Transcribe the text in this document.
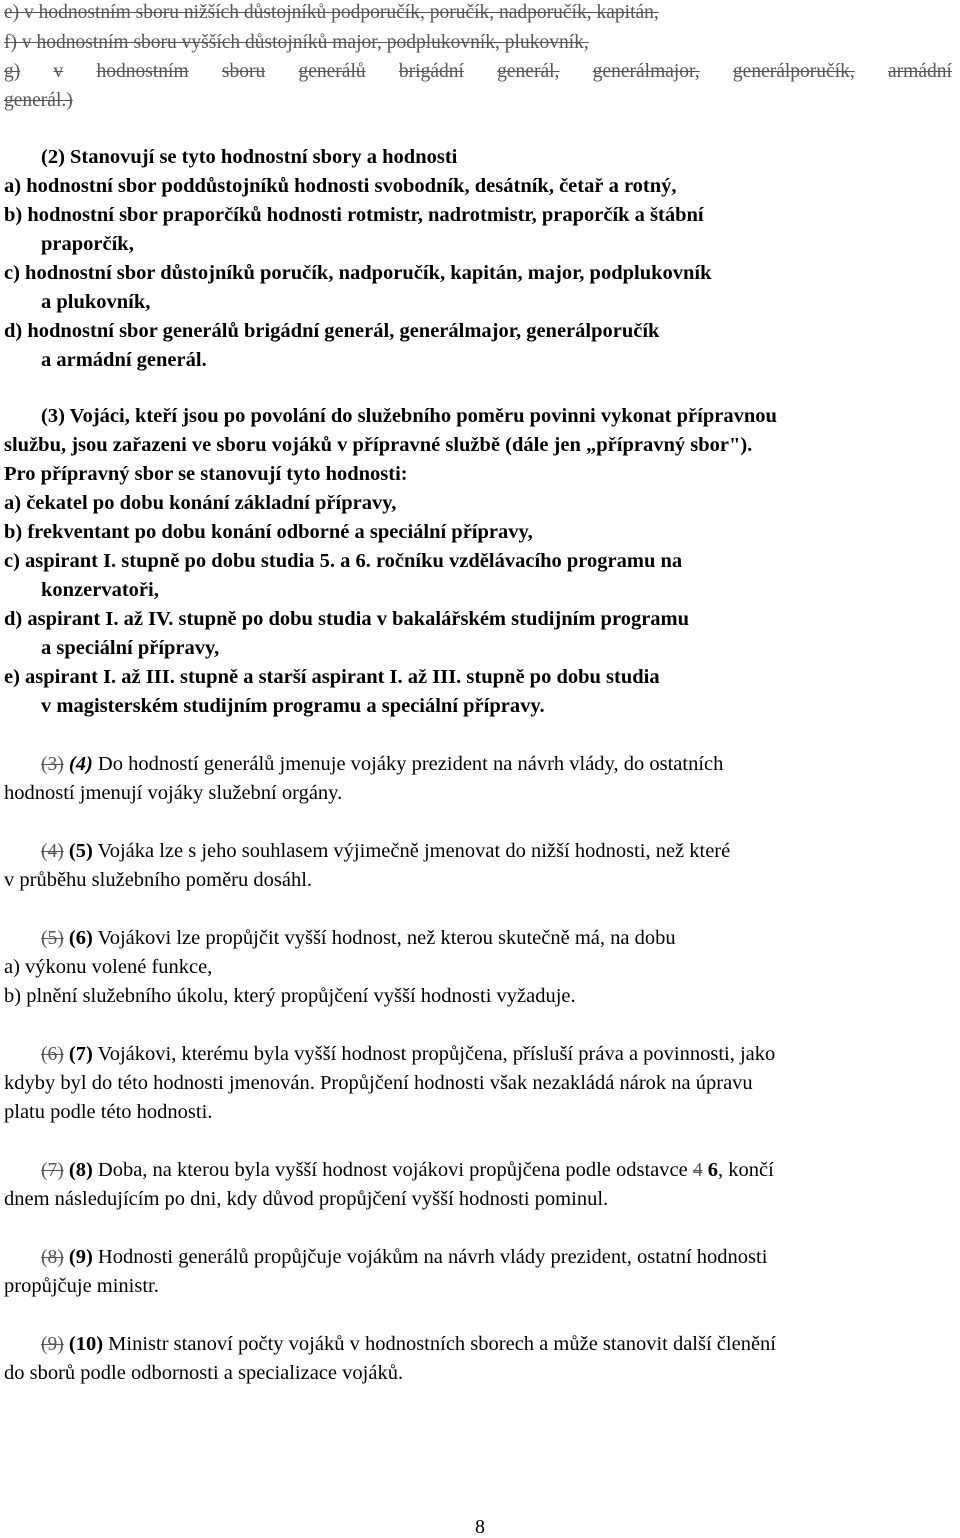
e) v hodnostním sboru nižších důstojníků podporučík, poručík, nadporučík, kapitán,
f) v hodnostním sboru vyšších důstojníků major, podplukovník, plukovník,
g) v hodnostním sboru generálů brigádní generál, generálmajor, generálporučík, armádní
generál.)
(2) Stanovují se tyto hodnostní sbory a hodnosti
a) hodnostní sbor poddůstojníků hodnosti svobodník, desátník, četař a rotný,
b) hodnostní sbor praporčíků hodnosti rotmistr, nadrotmistr, praporčík a štábní
praporčík,
c) hodnostní sbor důstojníků poručík, nadporučík, kapitán, major, podplukovník
a plukovník,
d) hodnostní sbor generálů brigádní generál, generálmajor, generálporučík
a armádní generál.
(3) Vojáci, kteří jsou po povolání do služebního poměru povinni vykonat přípravnou
službu, jsou zařazeni ve sboru vojáků v přípravné službě (dále jen „přípravný sbor").
Pro přípravný sbor se stanovují tyto hodnosti:
a) čekatel po dobu konání základní přípravy,
b) frekventant po dobu konání odborné a speciální přípravy,
c) aspirant I. stupně po dobu studia 5. a 6. ročníku vzdělávacího programu na
konzervatoři,
d) aspirant I. až IV. stupně po dobu studia v bakalářském studijním programu
a speciální přípravy,
e) aspirant I. až III. stupně a starší aspirant I. až III. stupně po dobu studia
v magisterském studijním programu a speciální přípravy.
(3) (4) Do hodností generálů jmenuje vojáky prezident na návrh vlády, do ostatních
hodností jmenují vojáky služební orgány.
(4) (5) Vojáka lze s jeho souhlasem výjimečně jmenovat do nižší hodnosti, než které
v průběhu služebního poměru dosáhl.
(5) (6) Vojákovi lze propůjčit vyšší hodnost, než kterou skutečně má, na dobu
a) výkonu volené funkce,
b) plnění služebního úkolu, který propůjčení vyšší hodnosti vyžaduje.
(6) (7) Vojákovi, kterému byla vyšší hodnost propůjčena, přísluší práva a povinnosti, jako
kdyby byl do této hodnosti jmenován. Propůjčení hodnosti však nezakládá nárok na úpravu
platu podle této hodnosti.
(7) (8) Doba, na kterou byla vyšší hodnost vojákovi propůjčena podle odstavce 4 6, končí
dnem následujícím po dni, kdy důvod propůjčení vyšší hodnosti pominul.
(8) (9) Hodnosti generálů propůjčuje vojákům na návrh vlády prezident, ostatní hodnosti
propůjčuje ministr.
(9) (10) Ministr stanoví počty vojáků v hodnostních sborech a může stanovit další členění
do sborů podle odbornosti a specializace vojáků.
8
